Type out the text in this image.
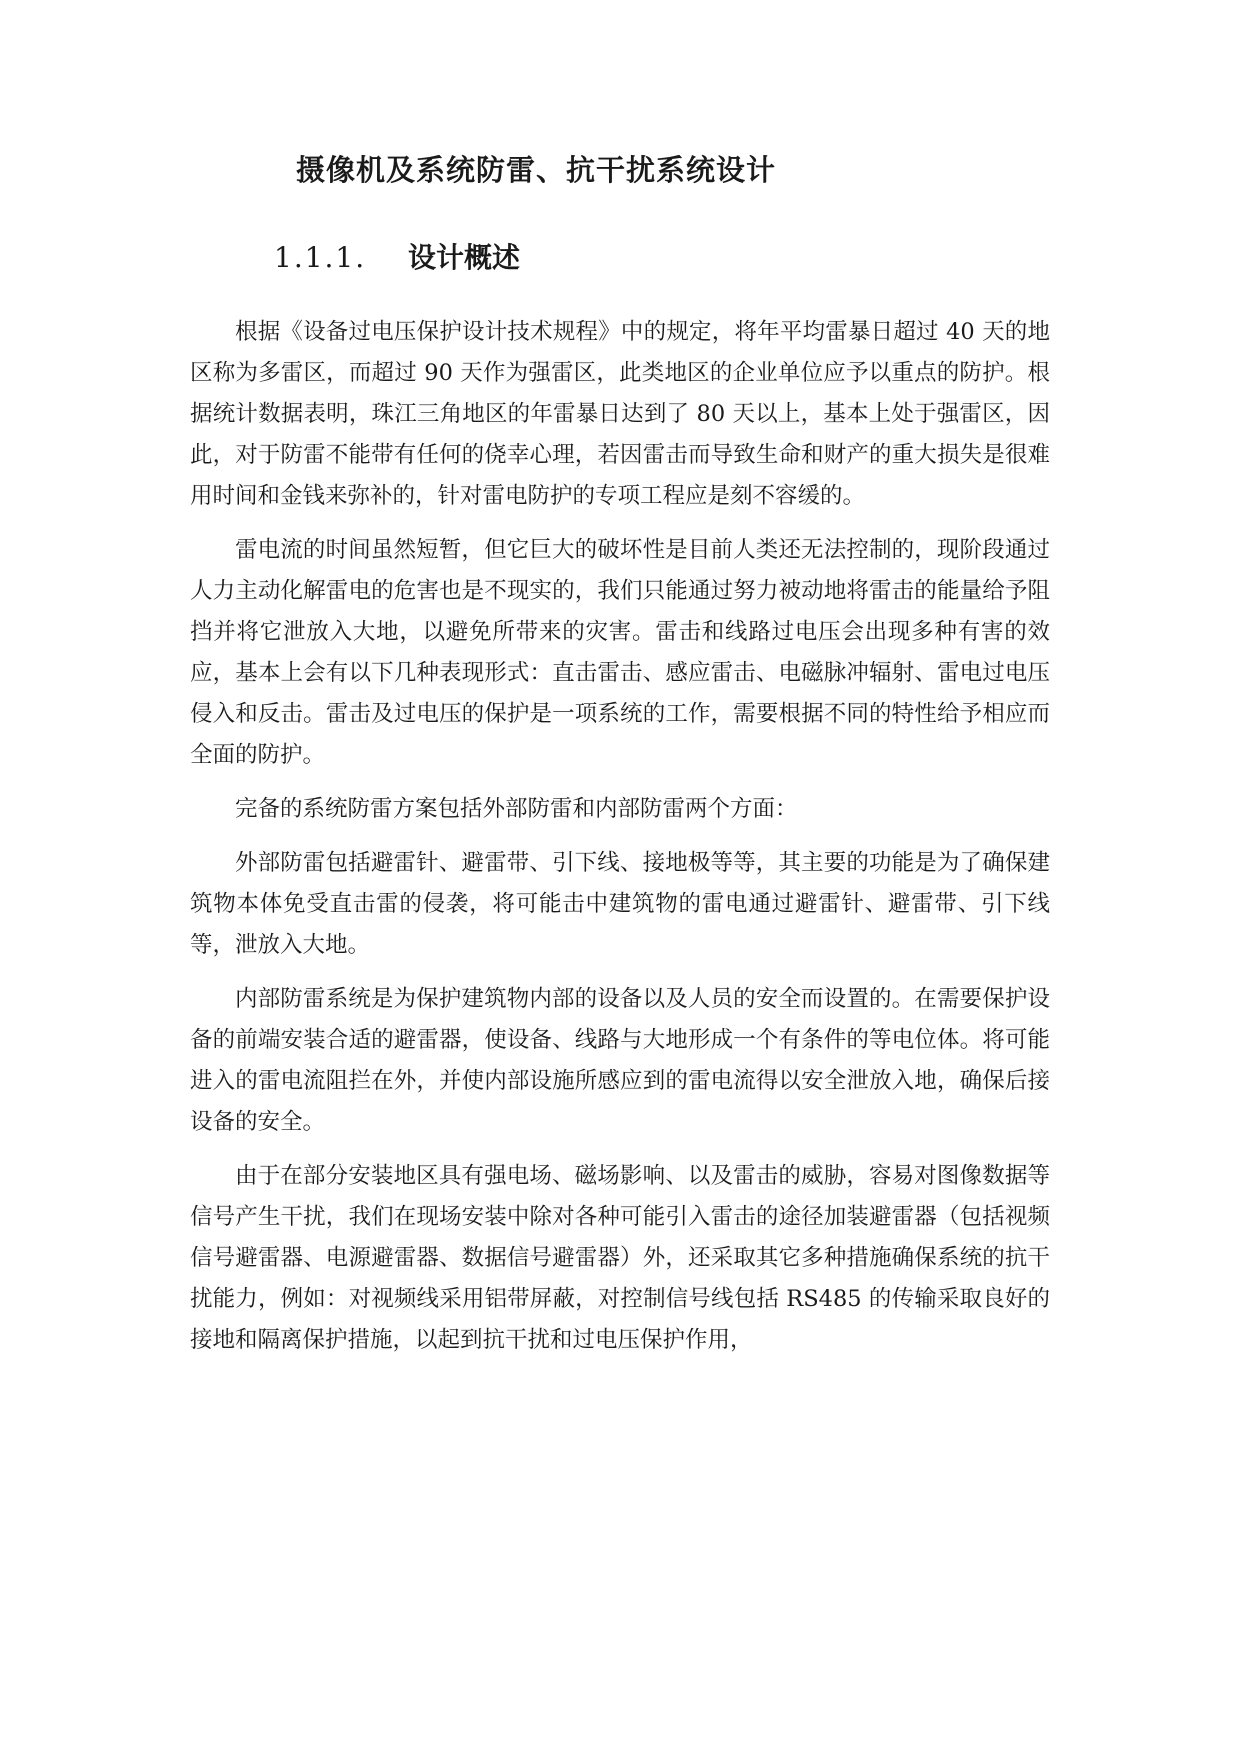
摄像机及系统防雷、抗干扰系统设计
1.1.1. 设计概述

根据《设备过电压保护设计技术规程》中的规定，将年平均雷暴日超过 40 天的地区称为多雷区，而超过 90 天作为强雷区，此类地区的企业单位应予以重点的防护。根据统计数据表明，珠江三角地区的年雷暴日达到了 80 天以上，基本上处于强雷区，因此，对于防雷不能带有任何的侥幸心理，若因雷击而导致生命和财产的重大损失是很难用时间和金钱来弥补的，针对雷电防护的专项工程应是刻不容缓的。

雷电流的时间虽然短暂，但它巨大的破坏性是目前人类还无法控制的，现阶段通过人力主动化解雷电的危害也是不现实的，我们只能通过努力被动地将雷击的能量给予阻挡并将它泄放入大地，以避免所带来的灾害。雷击和线路过电压会出现多种有害的效应，基本上会有以下几种表现形式：直击雷击、感应雷击、电磁脉冲辐射、雷电过电压侵入和反击。雷击及过电压的保护是一项系统的工作，需要根据不同的特性给予相应而全面的防护。

完备的系统防雷方案包括外部防雷和内部防雷两个方面：

外部防雷包括避雷针、避雷带、引下线、接地极等等，其主要的功能是为了确保建筑物本体免受直击雷的侵袭，将可能击中建筑物的雷电通过避雷针、避雷带、引下线等，泄放入大地。

内部防雷系统是为保护建筑物内部的设备以及人员的安全而设置的。在需要保护设备的前端安装合适的避雷器，使设备、线路与大地形成一个有条件的等电位体。将可能进入的雷电流阻拦在外，并使内部设施所感应到的雷电流得以安全泄放入地，确保后接设备的安全。

由于在部分安装地区具有强电场、磁场影响、以及雷击的威胁，容易对图像数据等信号产生干扰，我们在现场安装中除对各种可能引入雷击的途径加装避雷器（包括视频信号避雷器、电源避雷器、数据信号避雷器）外，还采取其它多种措施确保系统的抗干扰能力，例如：对视频线采用铝带屏蔽，对控制信号线包括 RS485 的传输采取良好的接地和隔离保护措施，以起到抗干扰和过电压保护作用，
